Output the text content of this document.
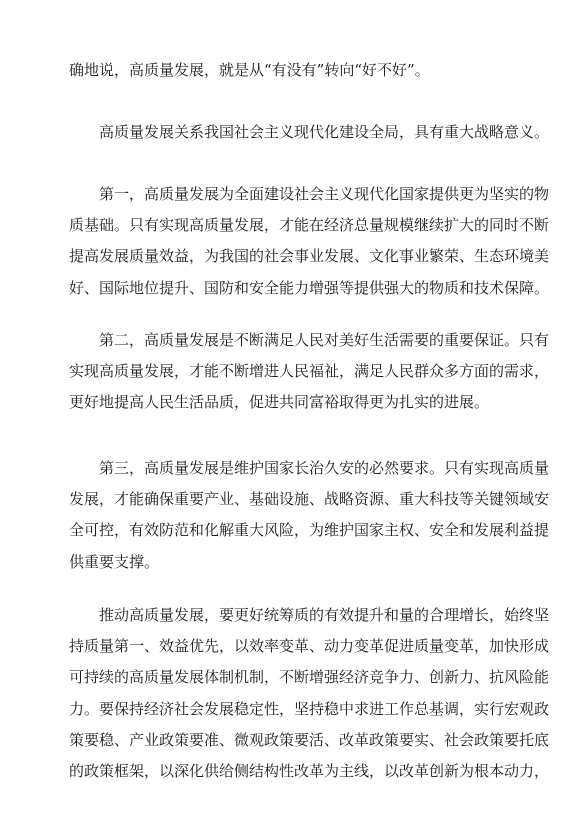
确地说，高质量发展，就是从“有没有”转向“好不好”。
　　高质量发展关系我国社会主义现代化建设全局，具有重大战略意义。
　　第一，高质量发展为全面建设社会主义现代化国家提供更为坚实的物
质基础。只有实现高质量发展，才能在经济总量规模继续扩大的同时不断
提高发展质量效益，为我国的社会事业发展、文化事业繁荣、生态环境美
好、国际地位提升、国防和安全能力增强等提供强大的物质和技术保障。
　　第二，高质量发展是不断满足人民对美好生活需要的重要保证。只有
实现高质量发展，才能不断增进人民福祉，满足人民群众多方面的需求，
更好地提高人民生活品质，促进共同富裕取得更为扎实的进展。
　　第三，高质量发展是维护国家长治久安的必然要求。只有实现高质量
发展，才能确保重要产业、基础设施、战略资源、重大科技等关键领域安
全可控，有效防范和化解重大风险，为维护国家主权、安全和发展利益提
供重要支撑。
　　推动高质量发展，要更好统筹质的有效提升和量的合理增长，始终坚
持质量第一、效益优先，以效率变革、动力变革促进质量变革，加快形成
可持续的高质量发展体制机制，不断增强经济竞争力、创新力、抗风险能
力。要保持经济社会发展稳定性，坚持稳中求进工作总基调，实行宏观政
策要稳、产业政策要准、微观政策要活、改革政策要实、社会政策要托底
的政策框架，以深化供给侧结构性改革为主线，以改革创新为根本动力，
